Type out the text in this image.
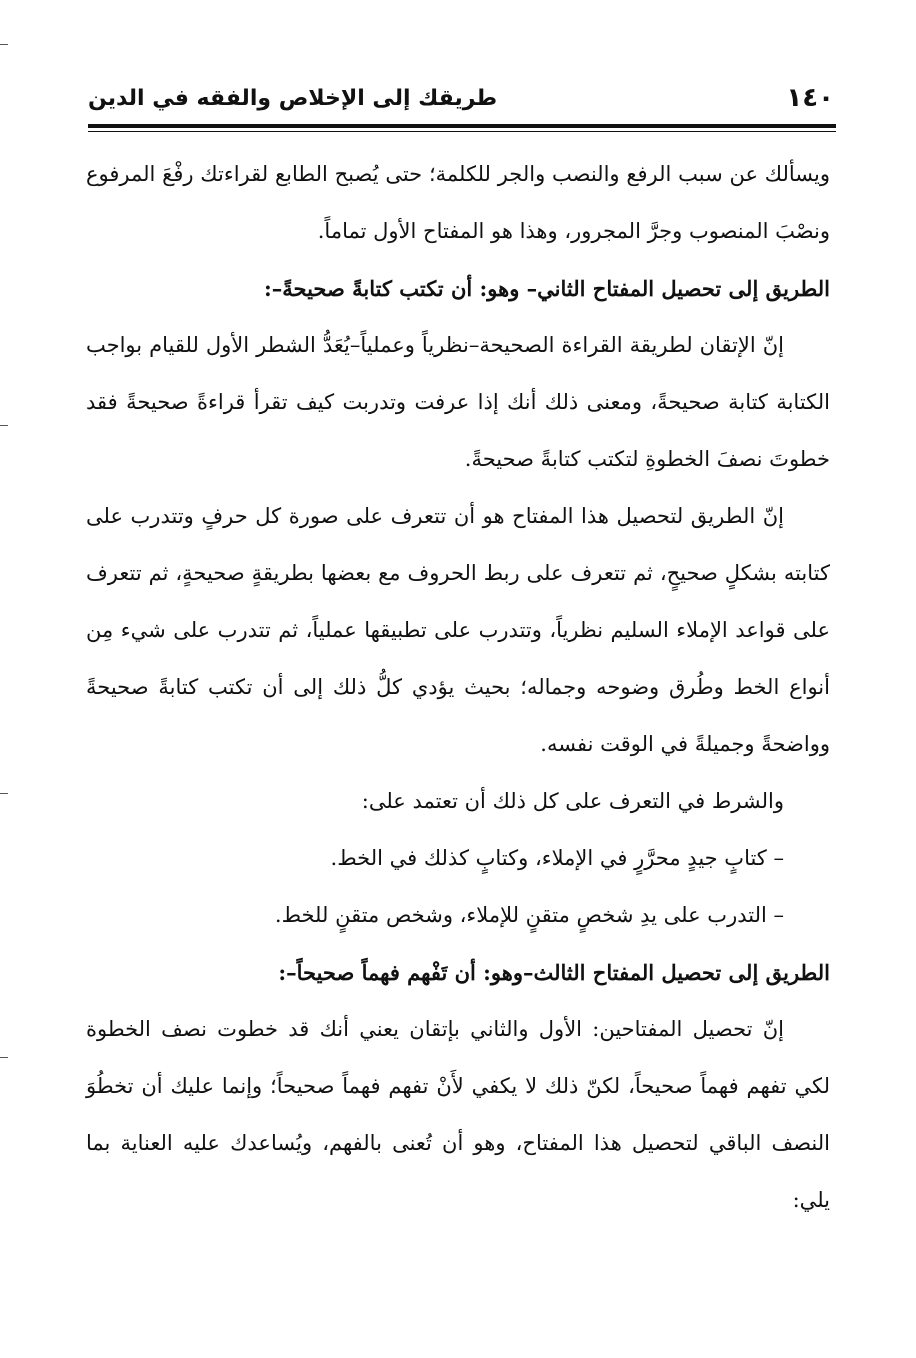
١٤٠
طريقك إلى الإخلاص والفقه في الدين

ويسألك عن سبب الرفع والنصب والجر للكلمة؛ حتى يُصبح الطابع لقراءتك رفْعَ المرفوع ونصْبَ المنصوب وجرَّ المجرور، وهذا هو المفتاح الأول تماماً.

الطريق إلى تحصيل المفتاح الثاني– وهو: أن تكتب كتابةً صحيحةً–:

إنّ الإتقان لطريقة القراءة الصحيحة–نظرياً وعملياً–يُعَدُّ الشطر الأول للقيام بواجب الكتابة كتابة صحيحةً، ومعنى ذلك أنك إذا عرفت وتدربت كيف تقرأ قراءةً صحيحةً فقد خطوتَ نصفَ الخطوةِ لتكتب كتابةً صحيحةً.

إنّ الطريق لتحصيل هذا المفتاح هو أن تتعرف على صورة كل حرفٍ وتتدرب على كتابته بشكلٍ صحيحٍ، ثم تتعرف على ربط الحروف مع بعضها بطريقةٍ صحيحةٍ، ثم تتعرف على قواعد الإملاء السليم نظرياً، وتتدرب على تطبيقها عملياً، ثم تتدرب على شيء مِن أنواع الخط وطُرق وضوحه وجماله؛ بحيث يؤدي كلُّ ذلك إلى أن تكتب كتابةً صحيحةً وواضحةً وجميلةً في الوقت نفسه.

والشرط في التعرف على كل ذلك أن تعتمد على:

– كتابٍ جيدٍ محرَّرٍ في الإملاء، وكتابٍ كذلك في الخط.

– التدرب على يدِ شخصٍ متقنٍ للإملاء، وشخص متقنٍ للخط.

الطريق إلى تحصيل المفتاح الثالث–وهو: أن تَفْهم فهماً صحيحاً–:

إنّ تحصيل المفتاحين: الأول والثاني بإتقان يعني أنك قد خطوت نصف الخطوة لكي تفهم فهماً صحيحاً، لكنّ ذلك لا يكفي لأَنْ تفهم فهماً صحيحاً؛ وإنما عليك أن تخطُوَ النصف الباقي لتحصيل هذا المفتاح، وهو أن تُعنى بالفهم، ويُساعدك عليه العناية بما يلي:
